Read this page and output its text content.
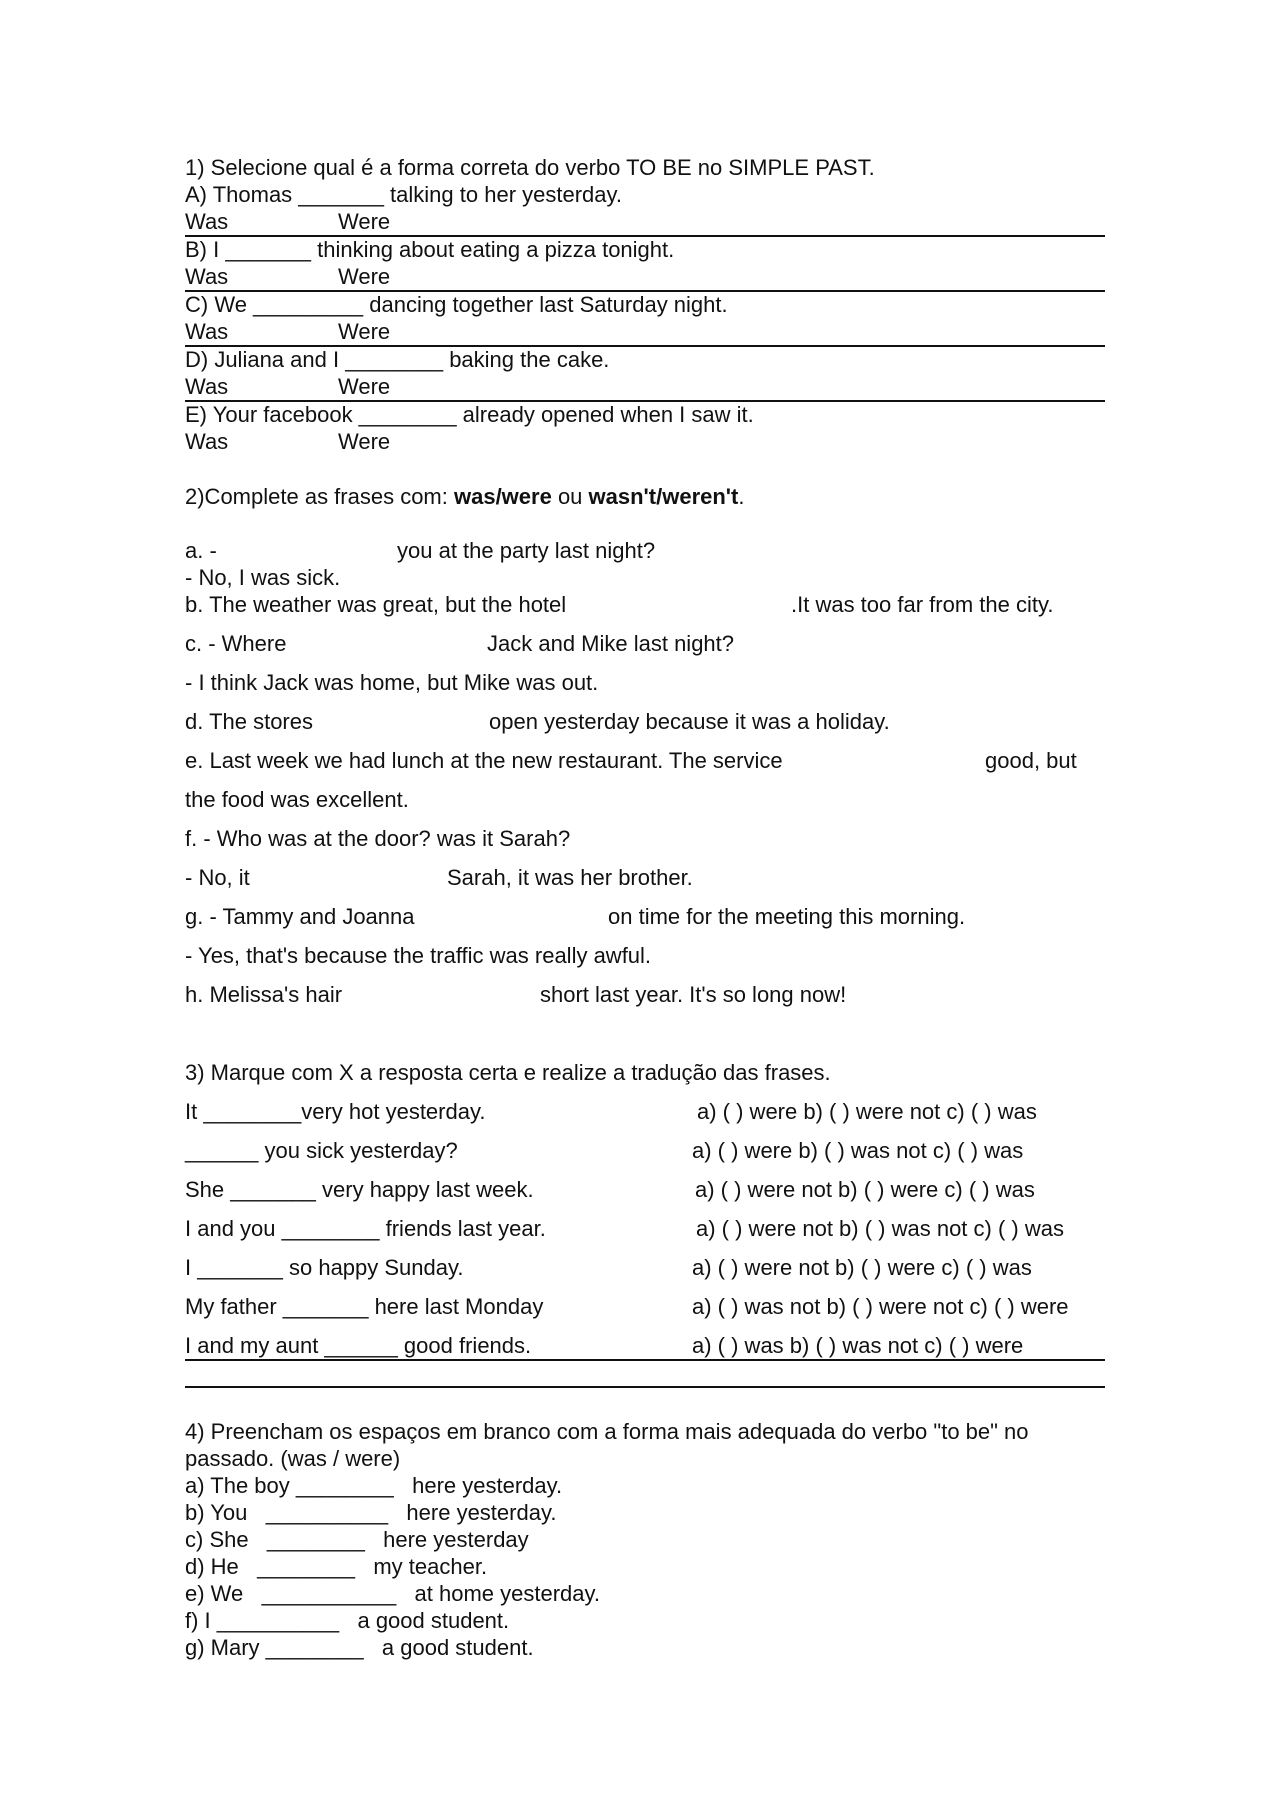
1) Selecione qual é a forma correta do verbo TO BE no SIMPLE PAST.
A) Thomas _______ talking to her yesterday.
Was	Were
B) I _______ thinking about eating a pizza tonight.
Was	Were
C) We _________ dancing together last Saturday night.
Was	Were
D) Juliana and I ________ baking the cake.
Was	Were
E) Your facebook ________ already opened when I saw it.
Was	Were
2)Complete as frases com: was/were ou wasn't/weren't.
a. -	you at the party last night?
- No, I was sick.
b. The weather was great, but the hotel	.It was too far from the city.
c. - Where	Jack and Mike last night?
- I think Jack was home, but Mike was out.
d. The stores	open yesterday because it was a holiday.
e. Last week we had lunch at the new restaurant. The service	good, but
the food was excellent.
f. - Who was at the door? was it Sarah?
- No, it	Sarah, it was her brother.
g. - Tammy and Joanna	on time for the meeting this morning.
- Yes, that's because the traffic was really awful.
h. Melissa's hair	short last year. It's so long now!
3) Marque com X a resposta certa e realize a tradução das frases.
It ________very hot yesterday.	a) ( ) were b) ( ) were not c) ( ) was
______ you sick yesterday?	a) ( ) were b) ( ) was not c) ( ) was
She _______ very happy last week.	a) ( ) were not b) ( ) were c) ( ) was
I and you ________ friends last year.	a) ( ) were not b) ( ) was not c) ( ) was
I _______ so happy Sunday.	a) ( ) were not b) ( ) were c) ( ) was
My father _______ here last Monday	a) ( ) was not b) ( ) were not c) ( ) were
I and my aunt ______ good friends.	a) ( ) was b) ( ) was not c) ( ) were
4) Preencham os espaços em branco com a forma mais adequada do verbo "to be" no
passado. (was / were)
a) The boy ________   here yesterday.
b) You   __________   here yesterday.
c) She   ________   here yesterday
d) He   ________   my teacher.
e) We   ___________   at home yesterday.
f) I __________   a good student.
g) Mary ________   a good student.
